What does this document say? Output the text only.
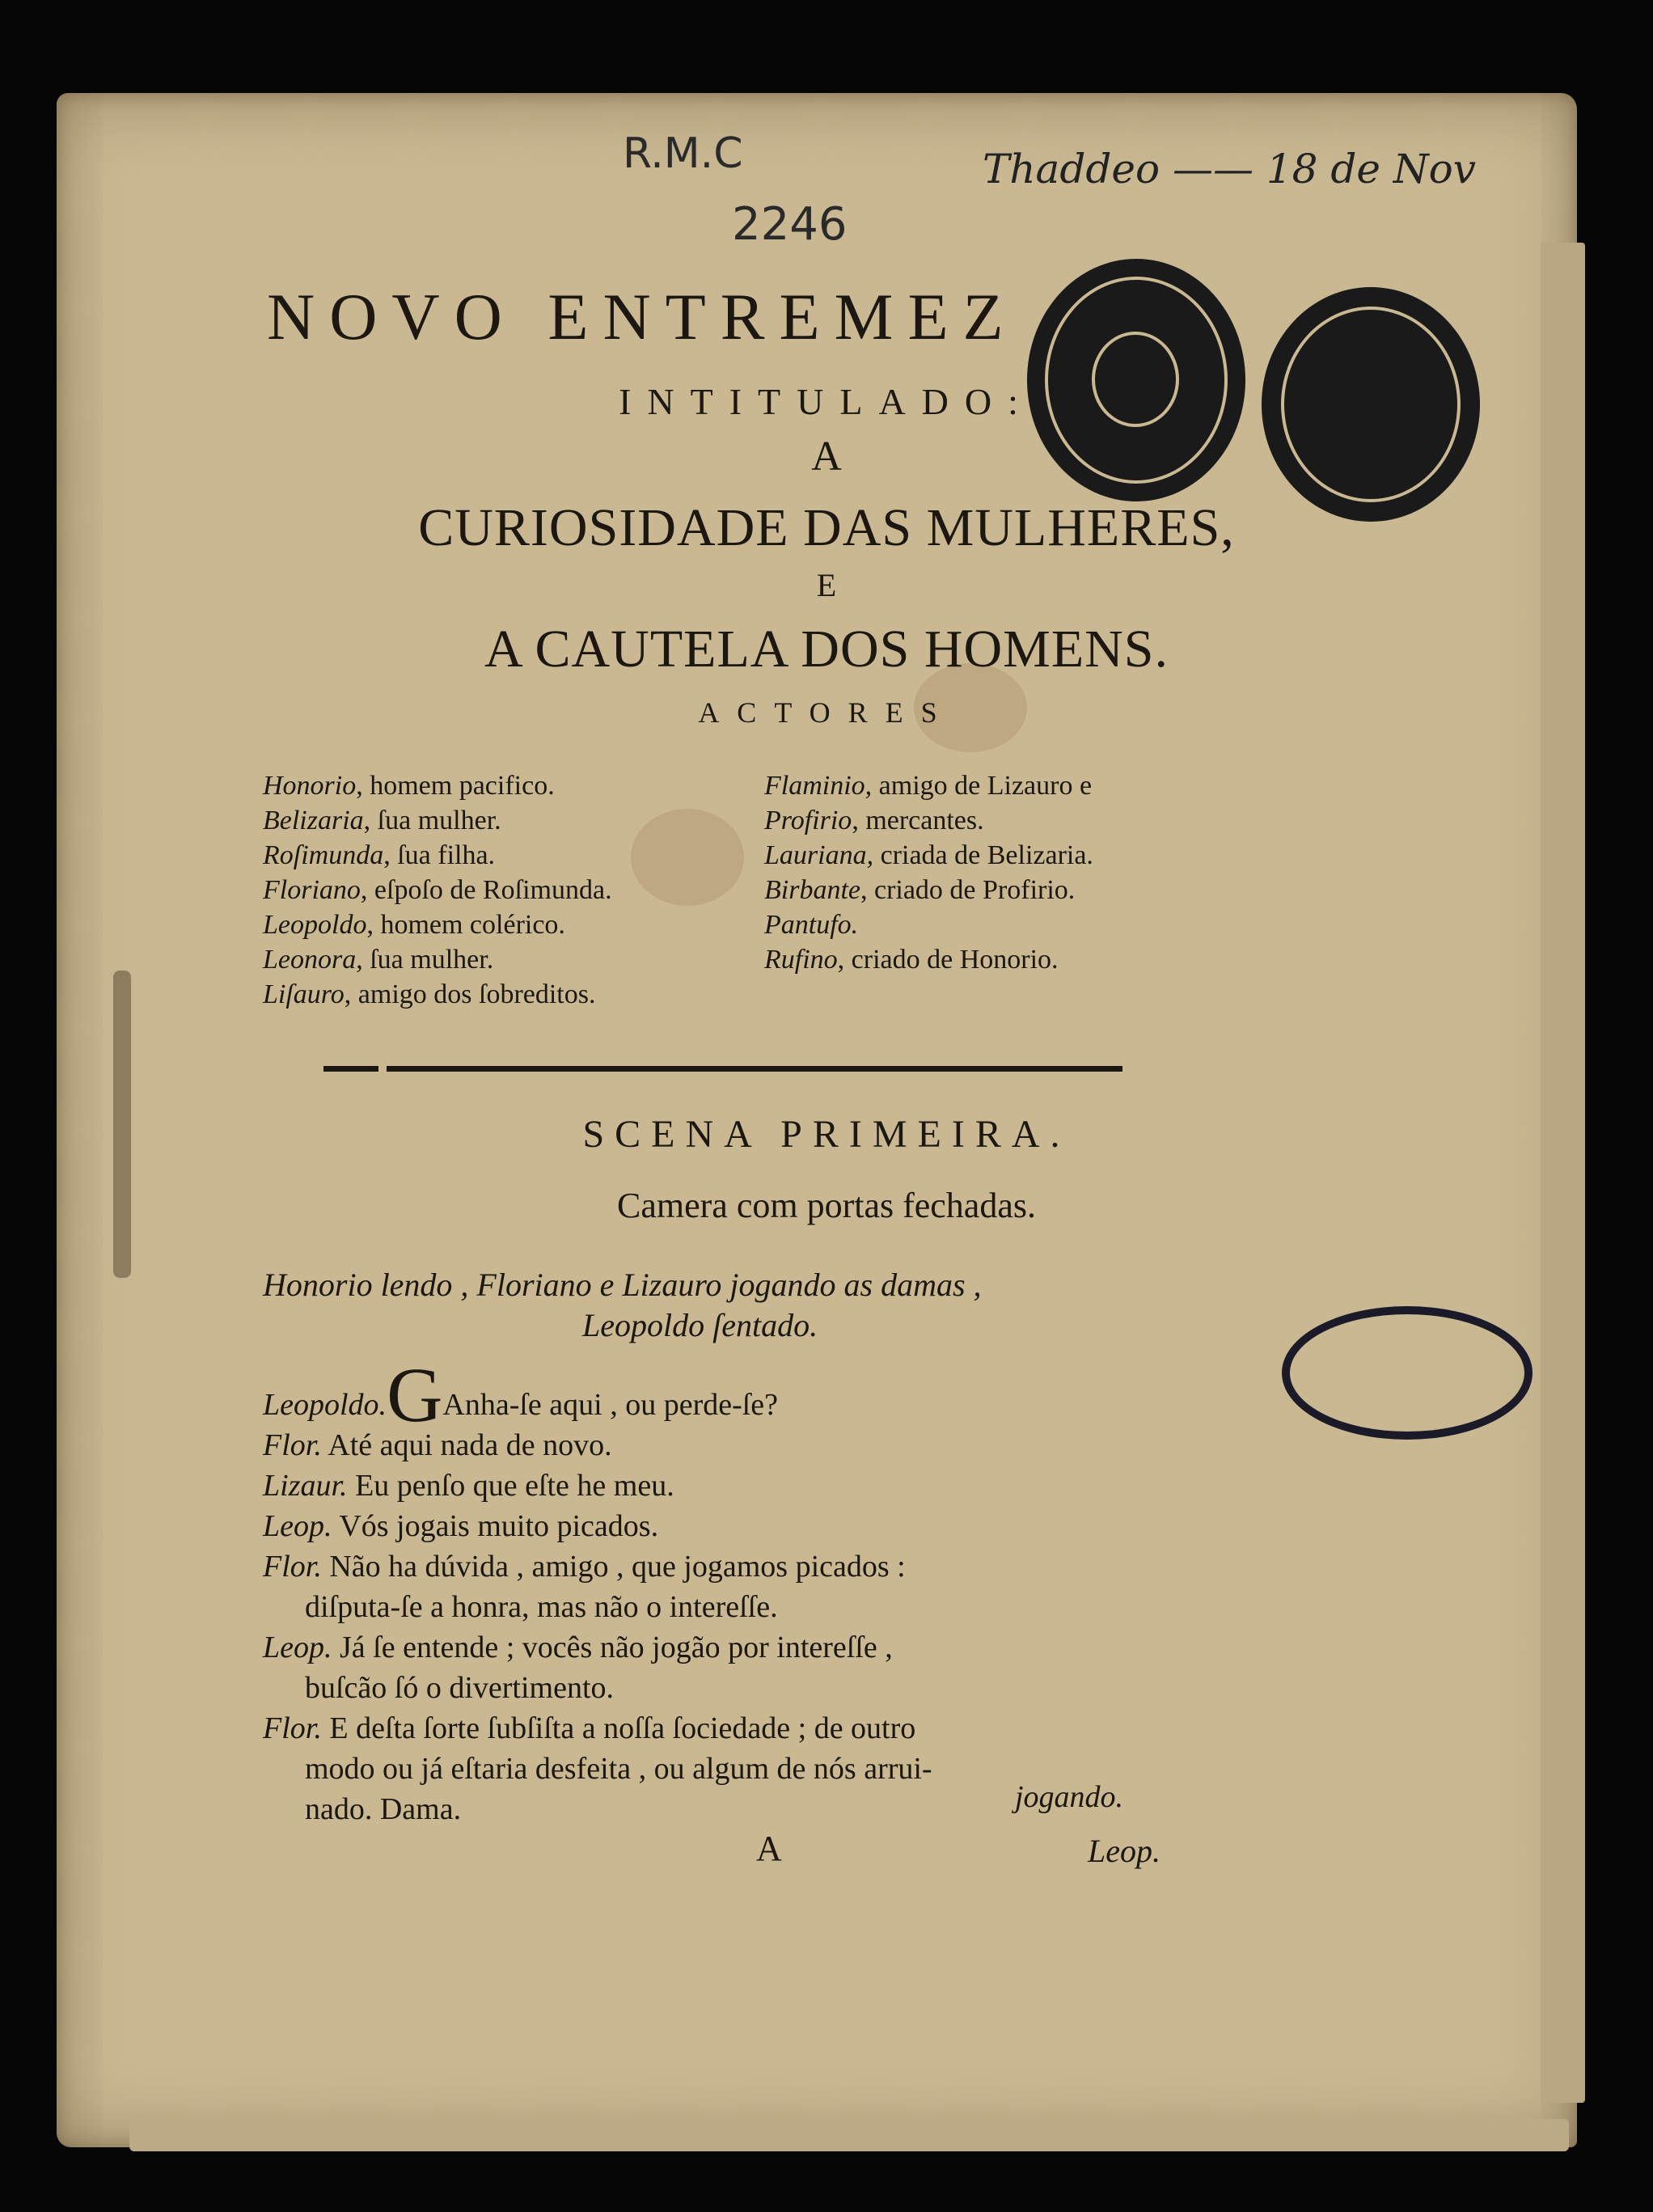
R.M.C
2246
Thaddeo —— 18 de Nov
NOVO ENTREMEZ
INTITULADO:
A
CURIOSIDADE DAS MULHERES,
E
A CAUTELA DOS HOMENS.
ACTORES
Honorio, homem pacifico.
Belizaria, ſua mulher.
Roſimunda, ſua filha.
Floriano, eſpoſo de Roſimunda.
Leopoldo, homem colérico.
Leonora, ſua mulher.
Liſauro, amigo dos ſobreditos.
Flaminio, amigo de Lizauro e
Profirio, mercantes.
Lauriana, criada de Belizaria.
Birbante, criado de Profirio.
Pantufo.
Rufino, criado de Honorio.
SCENA PRIMEIRA.
Camera com portas fechadas.
Honorio lendo , Floriano e Lizauro jogando as damas ,
Leopoldo ſentado.
Leopoldo.GAnha-ſe aqui , ou perde-ſe?
Flor. Até aqui nada de novo.
Lizaur. Eu penſo que eſte he meu.
Leop. Vós jogais muito picados.
Flor. Não ha dúvida , amigo , que jogamos picados :
diſputa-ſe a honra, mas não o intereſſe.
Leop. Já ſe entende ; vocês não jogão por intereſſe ,
buſcão ſó o divertimento.
Flor. E deſta ſorte ſubſiſta a noſſa ſociedade ; de outro
modo ou já eſtaria desfeita , ou algum de nós arrui-
nado. Dama.	jogando.
A	Leop.
